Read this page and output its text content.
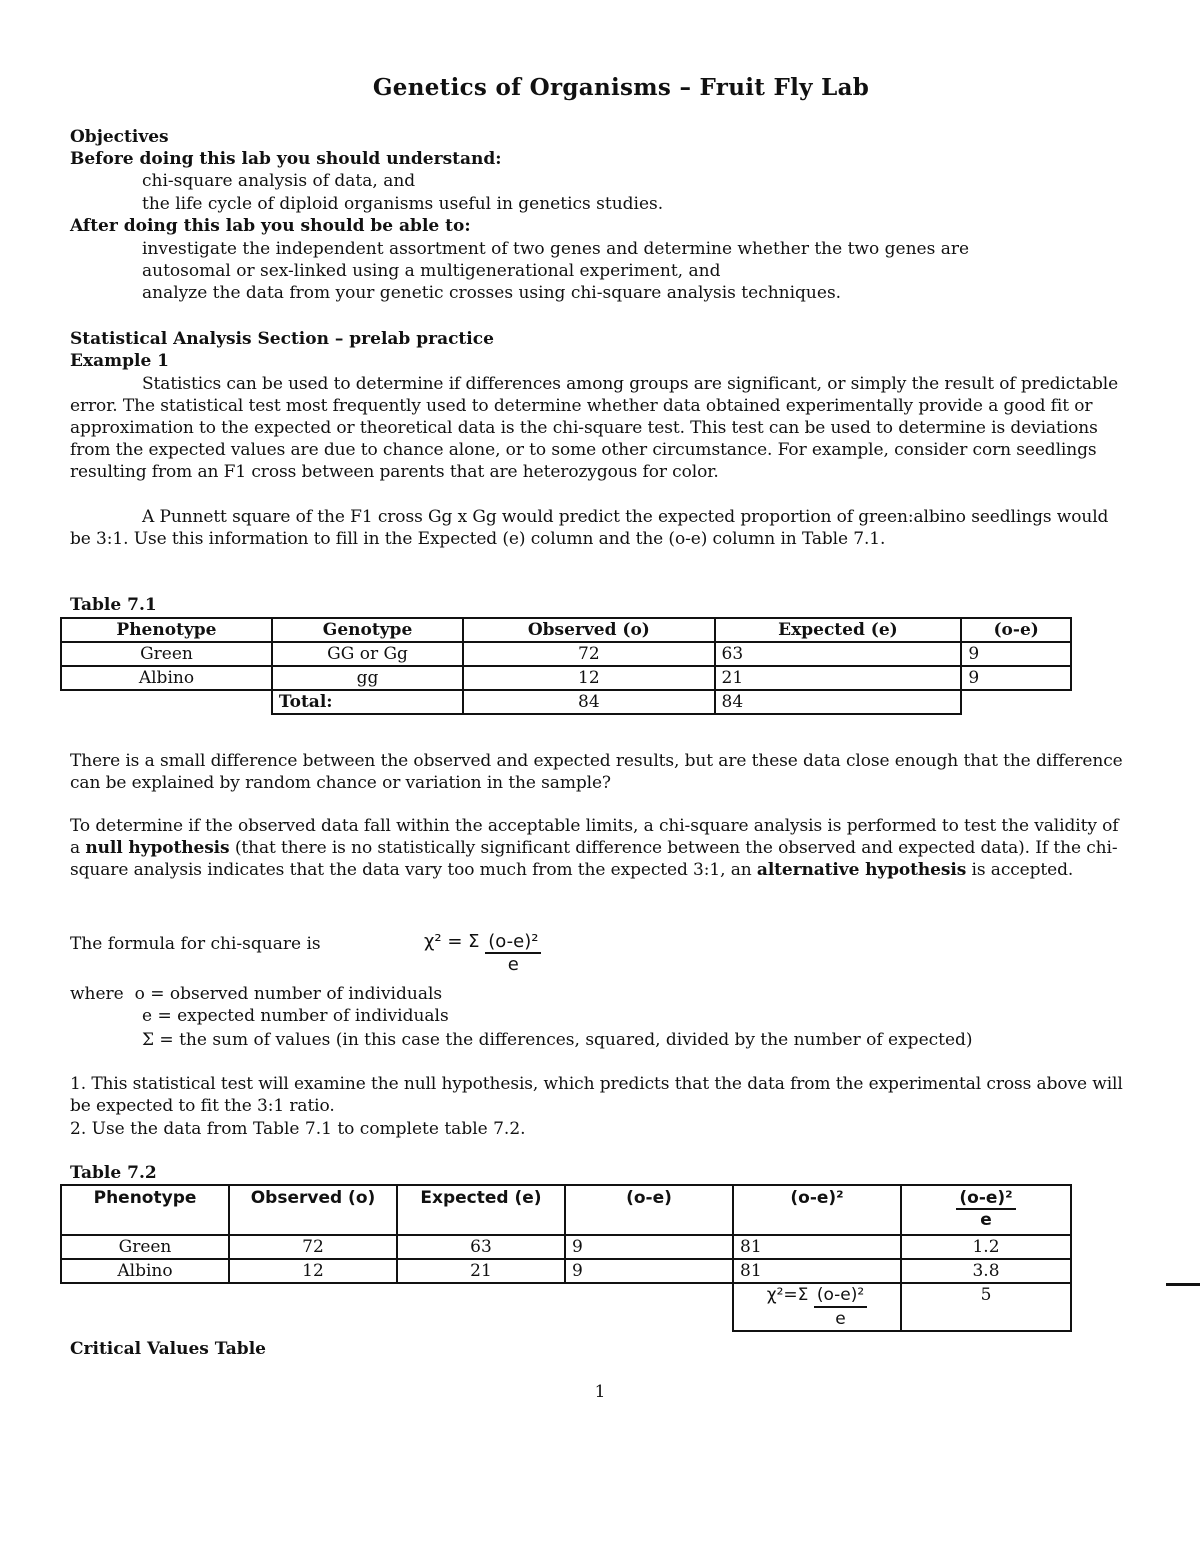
Genetics of Organisms – Fruit Fly Lab
Objectives
Before doing this lab you should understand:
chi-square analysis of data, and
the life cycle of diploid organisms useful in genetics studies.
After doing this lab you should be able to:
investigate the independent assortment of two genes and determine whether the two genes are
autosomal or sex-linked using a multigenerational experiment, and
analyze the data from your genetic crosses using chi-square analysis techniques.
Statistical Analysis Section – prelab practice
Example 1
Statistics can be used to determine if differences among groups are significant, or simply the result of predictable error. The statistical test most frequently used to determine whether data obtained experimentally provide a good fit or approximation to the expected or theoretical data is the chi-square test. This test can be used to determine is deviations from the expected values are due to chance alone, or to some other circumstance. For example, consider corn seedlings resulting from an F1 cross between parents that are heterozygous for color.
A Punnett square of the F1 cross Gg x Gg would predict the expected proportion of green:albino seedlings would be 3:1. Use this information to fill in the Expected (e) column and the (o-e) column in Table 7.1.
Table 7.1
Phenotype	Genotype	Observed (o)	Expected (e)	(o-e)
Green	GG or Gg	72	63	9
Albino	gg	12	21	9
	Total:	84	84	
There is a small difference between the observed and expected results, but are these data close enough that the difference can be explained by random chance or variation in the sample?
To determine if the observed data fall within the acceptable limits, a chi-square analysis is performed to test the validity of a null hypothesis (that there is no statistically significant difference between the observed and expected data). If the chi-square analysis indicates that the data vary too much from the expected 3:1, an alternative hypothesis is accepted.
The formula for chi-square is	χ² = Σ $\frac{\text{(o-e)²}}{e}$
where o = observed number of individuals
e = expected number of individuals
Σ = the sum of values (in this case the differences, squared, divided by the number of expected)
1. This statistical test will examine the null hypothesis, which predicts that the data from the experimental cross above will be expected to fit the 3:1 ratio.
2. Use the data from Table 7.1 to complete table 7.2.
Table 7.2
Phenotype	Observed (o)	Expected (e)	(o-e)	(o-e)²	$\frac{\text{(o-e)²}}{e}$

Green	72	63	9	81	1.2
Albino	12	21	9	81	3.8
				$\chi^2=\Sigma \frac{\text{(o-e)²}}{e}$	5
Critical Values Table
1
